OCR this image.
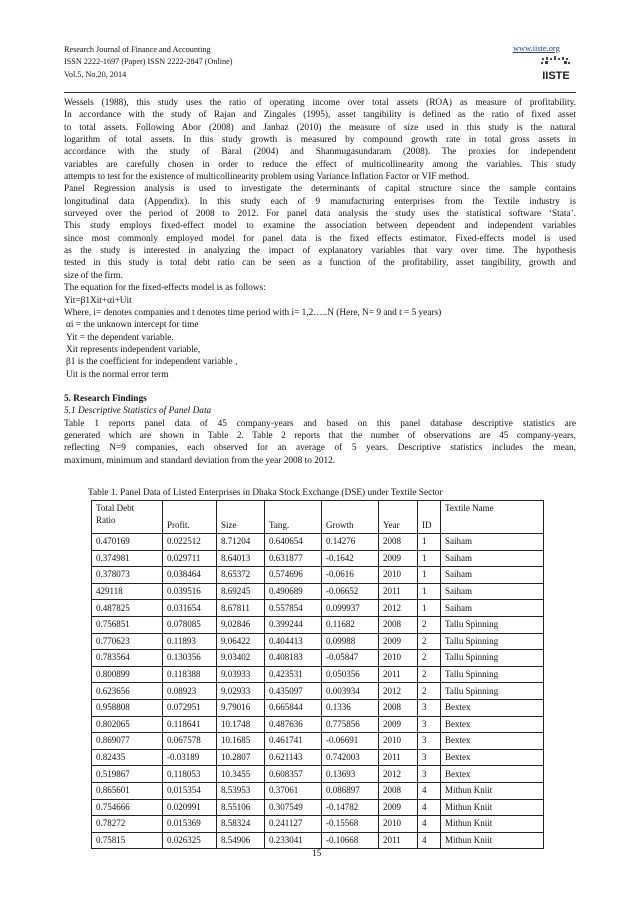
Research Journal of Finance and Accounting
ISSN 2222-1697 (Paper) ISSN 2222-2847 (Online)
Vol.5, No.20, 2014
www.iiste.org
IISTE
Wessels (1988), this study uses the ratio of operating income over total assets (ROA) as measure of profitability.
In accordance with the study of Rajan and Zingales (1995), asset tangibility is defined as the ratio of fixed asset
to total assets. Following Abor (2008) and Janbaz (2010) the measure of size used in this study is the natural
logarithm of total assets. In this study growth is measured by compound growth rate in total gross assets in
accordance with the study of Baral (2004) and Shanmugasundaram (2008). The proxies for independent
variables are carefully chosen in order to reduce the effect of multicollinearity among the variables. This study
attempts to test for the existence of multicollinearity problem using Variance Inflation Factor or VIF method.
Panel Regression analysis is used to investigate the determinants of capital structure since the sample contains
longitudinal data (Appendix). In this study each of 9 manufacturing enterprises from the Textile industry is
surveyed over the period of 2008 to 2012. For panel data analysis the study uses the statistical software ‘Stata’.
This study employs fixed-effect model to examine the association between dependent and independent variables
since most commonly employed model for panel data is the fixed effects estimator. Fixed-effects model is used
as the study is interested in analyzing the impact of explanatory variables that vary over time. The hypothesis
tested in this study is total debt ratio can be seen as a function of the profitability, asset tangibility, growth and
size of the firm.
The equation for the fixed-effects model is as follows:
Yit=β1Xit+αi+Uit
Where, i= denotes companies and t denotes time period with i= 1,2…..N (Here, N= 9 and t = 5 years)
αi = the unknown intercept for time
Yit = the dependent variable.
Xit represents independent variable,
β1 is the coefficient for independent variable ,
Uit is the normal error term
5. Research Findings
5.1 Descriptive Statistics of Panel Data
Table 1 reports panel data of 45 company-years and based on this panel database descriptive statistics are
generated which are shown in Table 2. Table 2 reports that the number of observations are 45 company-years,
reflecting N=9 companies, each observed for an average of 5 years. Descriptive statistics includes the mean,
maximum, minimum and standard deviation from the year 2008 to 2012.
Table 1. Panel Data of Listed Enterprises in Dhaka Stock Exchange (DSE) under Textile Sector
Total Debt
Ratio	Profit.	Size	Tang.	Growth	Year	ID	Textile Name
0.470169	0.022512	8.71204	0.640654	0.14276	2008	1	Saiham
0.374981	0.029711	8.64013	0.631877	-0.1642	2009	1	Saiham
0.378073	0.038464	8.65372	0.574696	-0.0616	2010	1	Saiham
429118	0.039516	8.69245	0.490689	-0.06652	2011	1	Saiham
0.487825	0.031654	8.67811	0.557854	0.099937	2012	1	Saiham
0.756851	0.078085	9.02846	0.399244	0.11682	2008	2	Tallu Spinning
0.770623	0.11893	9.06422	0.404413	0.09988	2009	2	Tallu Spinning
0.783564	0.130356	9.03402	0.408183	-0.05847	2010	2	Tallu Spinning
0.800899	0.118388	9.03933	0.423531	0.050356	2011	2	Tallu Spinning
0.623656	0.08923	9.02933	0.435097	0.003934	2012	2	Tallu Spinning
0.958808	0.072951	9.79016	0.665844	0.1336	2008	3	Bextex
0.802065	0.118641	10.1748	0.487636	0.775856	2009	3	Bextex
0.869077	0.067578	10.1685	0.461741	-0.06691	2010	3	Bextex
0.82435	-0.03189	10.2807	0.621143	0.742003	2011	3	Bextex
0.519867	0.118053	10.3455	0.608357	0.13693	2012	3	Bextex
0.865601	0.015354	8.53953	0.37061	0.086897	2008	4	Mithun Kniit
0.754666	0.020991	8.55106	0.307549	-0.14782	2009	4	Mithun Kniit
0.78272	0.015369	8.58324	0.241127	-0.15568	2010	4	Mithun Kniit
0.75815	0.026325	8.54906	0.233041	-0.10668	2011	4	Mithun Kniit
15
